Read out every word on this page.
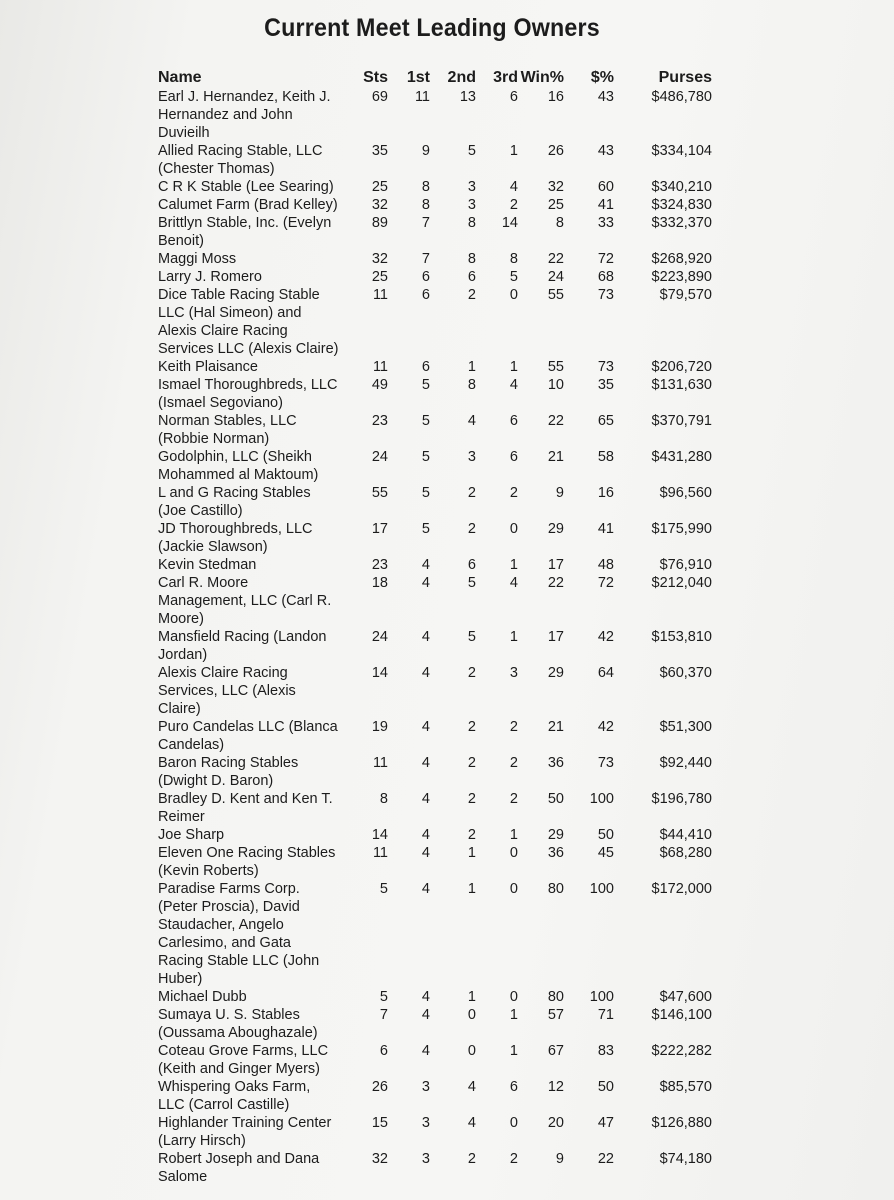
Current Meet Leading Owners
Name	Sts	1st	2nd	3rd Win%	$%	Purses
Earl J. Hernandez, Keith J.
Hernandez and John
Duvieilh
69	11	13	6	16	43	$486,780
Allied Racing Stable, LLC
(Chester Thomas)
35	9	5	1	26	43	$334,104
C R K Stable (Lee Searing)	25	8	3	4	32	60	$340,210
Calumet Farm (Brad Kelley)	32	8	3	2	25	41	$324,830
Brittlyn Stable, Inc. (Evelyn
Benoit)
89	7	8	14	8	33	$332,370
Maggi Moss	32	7	8	8	22	72	$268,920
Larry J. Romero	25	6	6	5	24	68	$223,890
Dice Table Racing Stable
LLC (Hal Simeon) and
Alexis Claire Racing
Services LLC (Alexis Claire)
11	6	2	0	55	73	$79,570
Keith Plaisance	11	6	1	1	55	73	$206,720
Ismael Thoroughbreds, LLC
(Ismael Segoviano)
49	5	8	4	10	35	$131,630
Norman Stables, LLC
(Robbie Norman)
23	5	4	6	22	65	$370,791
Godolphin, LLC (Sheikh
Mohammed al Maktoum)
24	5	3	6	21	58	$431,280
L and G Racing Stables
(Joe Castillo)
55	5	2	2	9	16	$96,560
JD Thoroughbreds, LLC
(Jackie Slawson)
17	5	2	0	29	41	$175,990
Kevin Stedman	23	4	6	1	17	48	$76,910
Carl R. Moore
Management, LLC (Carl R.
Moore)
18	4	5	4	22	72	$212,040
Mansfield Racing (Landon
Jordan)
24	4	5	1	17	42	$153,810
Alexis Claire Racing
Services, LLC (Alexis
Claire)
14	4	2	3	29	64	$60,370
Puro Candelas LLC (Blanca
Candelas)
19	4	2	2	21	42	$51,300
Baron Racing Stables
(Dwight D. Baron)
11	4	2	2	36	73	$92,440
Bradley D. Kent and Ken T.
Reimer
8	4	2	2	50	100	$196,780
Joe Sharp	14	4	2	1	29	50	$44,410
Eleven One Racing Stables
(Kevin Roberts)
11	4	1	0	36	45	$68,280
Paradise Farms Corp.
(Peter Proscia), David
Staudacher, Angelo
Carlesimo, and Gata
Racing Stable LLC (John
Huber)
5	4	1	0	80	100	$172,000
Michael Dubb	5	4	1	0	80	100	$47,600
Sumaya U. S. Stables
(Oussama Aboughazale)
7	4	0	1	57	71	$146,100
Coteau Grove Farms, LLC
(Keith and Ginger Myers)
6	4	0	1	67	83	$222,282
Whispering Oaks Farm,
LLC (Carrol Castille)
26	3	4	6	12	50	$85,570
Highlander Training Center
(Larry Hirsch)
15	3	4	0	20	47	$126,880
Robert Joseph and Dana
Salome
32	3	2	2	9	22	$74,180
